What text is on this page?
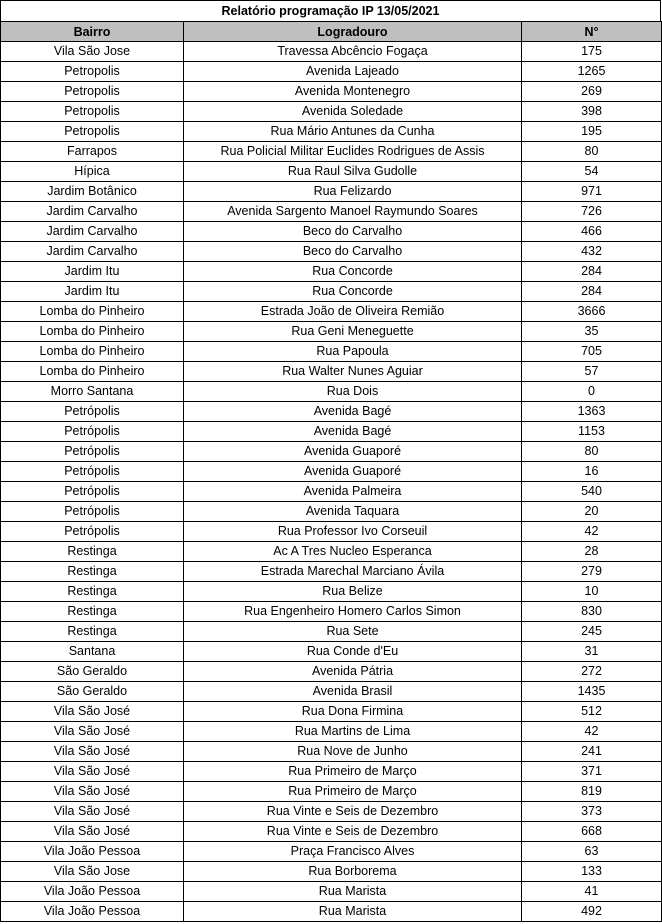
Relatório programação IP 13/05/2021
Bairro	Logradouro	N°
Vila São Jose	Travessa Abcêncio Fogaça	175
Petropolis	Avenida Lajeado	1265
Petropolis	Avenida Montenegro	269
Petropolis	Avenida Soledade	398
Petropolis	Rua Mário Antunes da Cunha	195
Farrapos	Rua Policial Militar Euclides Rodrigues de Assis	80
Hípica	Rua Raul Silva Gudolle	54
Jardim Botânico	Rua Felizardo	971
Jardim Carvalho	Avenida Sargento Manoel Raymundo Soares	726
Jardim Carvalho	Beco do Carvalho	466
Jardim Carvalho	Beco do Carvalho	432
Jardim Itu	Rua Concorde	284
Jardim Itu	Rua Concorde	284
Lomba do Pinheiro	Estrada João de Oliveira Remião	3666
Lomba do Pinheiro	Rua Geni Meneguette	35
Lomba do Pinheiro	Rua Papoula	705
Lomba do Pinheiro	Rua Walter Nunes Aguiar	57
Morro Santana	Rua Dois	0
Petrópolis	Avenida Bagé	1363
Petrópolis	Avenida Bagé	1153
Petrópolis	Avenida Guaporé	80
Petrópolis	Avenida Guaporé	16
Petrópolis	Avenida Palmeira	540
Petrópolis	Avenida Taquara	20
Petrópolis	Rua Professor Ivo Corseuil	42
Restinga	Ac A Tres Nucleo Esperanca	28
Restinga	Estrada Marechal Marciano Ávila	279
Restinga	Rua Belize	10
Restinga	Rua Engenheiro Homero Carlos Simon	830
Restinga	Rua Sete	245
Santana	Rua Conde d'Eu	31
São Geraldo	Avenida Pátria	272
São Geraldo	Avenida Brasil	1435
Vila São José	Rua Dona Firmina	512
Vila São José	Rua Martins de Lima	42
Vila São José	Rua Nove de Junho	241
Vila São José	Rua Primeiro de Março	371
Vila São José	Rua Primeiro de Março	819
Vila São José	Rua Vinte e Seis de Dezembro	373
Vila São José	Rua Vinte e Seis de Dezembro	668
Vila João Pessoa	Praça Francisco Alves	63
Vila São Jose	Rua Borborema	133
Vila João Pessoa	Rua Marista	41
Vila João Pessoa	Rua Marista	492
